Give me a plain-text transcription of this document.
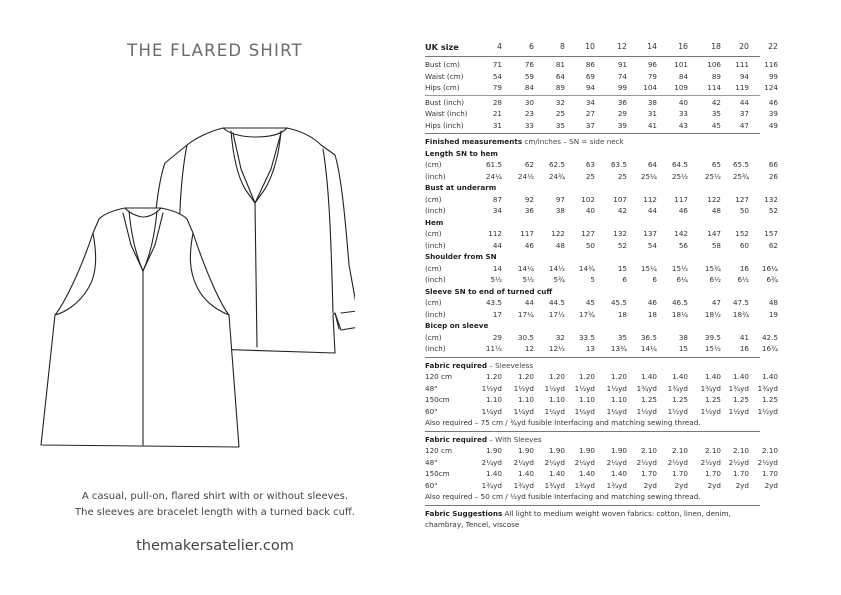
THE FLARED SHIRT
A casual, pull-on, flared shirt with or without sleeves.
The sleeves are bracelet length with a turned back cuff.
themakersatelier.com
UK size	4	6	8	10	12	14	16	18	20	22
Bust (cm)	71	76	81	86	91	96	101	106	111	116
Waist (cm)	54	59	64	69	74	79	84	89	94	99
Hips (cm)	79	84	89	94	99	104	109	114	119	124
Bust (inch)	28	30	32	34	36	38	40	42	44	46
Waist (inch)	21	23	25	27	29	31	33	35	37	39
Hips (inch)	31	33	35	37	39	41	43	45	47	49
Finished measurements cm/inches – SN = side neck
Length SN to hem
(cm)	61.5	62	62.5	63	63.5	64	64.5	65	65.5	66
(inch)	24¼	24½	24¾	25	25	25¼	25½	25½	25¾	26
Bust at underarm
(cm)	87	92	97	102	107	112	117	122	127	132
(inch)	34	36	38	40	42	44	46	48	50	52
Hem
(cm)	112	117	122	127	132	137	142	147	152	157
(inch)	44	46	48	50	52	54	56	58	60	62
Shoulder from SN
(cm)	14	14¼	14½	14¾	15	15¼	15½	15¾	16	16¼
(inch)	5½	5½	5¾	5	6	6	6¼	6½	6½	6¾
Sleeve SN to end of turned cuff
(cm)	43.5	44	44.5	45	45.5	46	46.5	47	47.5	48
(inch)	17	17¼	17½	17¾	18	18	18¼	18½	18¾	19
Bicep on sleeve
(cm)	29	30.5	32	33.5	35	36.5	38	39.5	41	42.5
(inch)	11½	12	12½	13	13¾	14¼	15	15½	16	16¾
Fabric required – Sleeveless
120 cm	1.20	1.20	1.20	1.20	1.20	1.40	1.40	1.40	1.40	1.40
48"	1½yd	1½yd	1½yd	1½yd	1½yd	1¾yd	1¾yd	1¾yd	1¾yd	1¾yd
150cm	1.10	1.10	1.10	1.10	1.10	1.25	1.25	1.25	1.25	1.25
60"	1¼yd	1¼yd	1¼yd	1¼yd	1¼yd	1½yd	1½yd	1½yd	1½yd	1½yd
Also required – 75 cm / ¾yd fusible Interfacing and matching sewing thread.
Fabric required – With Sleeves
120 cm	1.90	1.90	1.90	1.90	1.90	2.10	2.10	2.10	2.10	2.10
48"	2¼yd	2¼yd	2¼yd	2¼yd	2¼yd	2½yd	2½yd	2½yd	2½yd	2½yd
150cm	1.40	1.40	1.40	1.40	1.40	1.70	1.70	1.70	1.70	1.70
60"	1¾yd	1¾yd	1¾yd	1¾yd	1¾yd	2yd	2yd	2yd	2yd	2yd
Also required – 50 cm / ½yd fusible Interfacing and matching sewing thread.
Fabric Suggestions All light to medium weight woven fabrics: cotton, linen, denim, chambray, Tencel, viscose
